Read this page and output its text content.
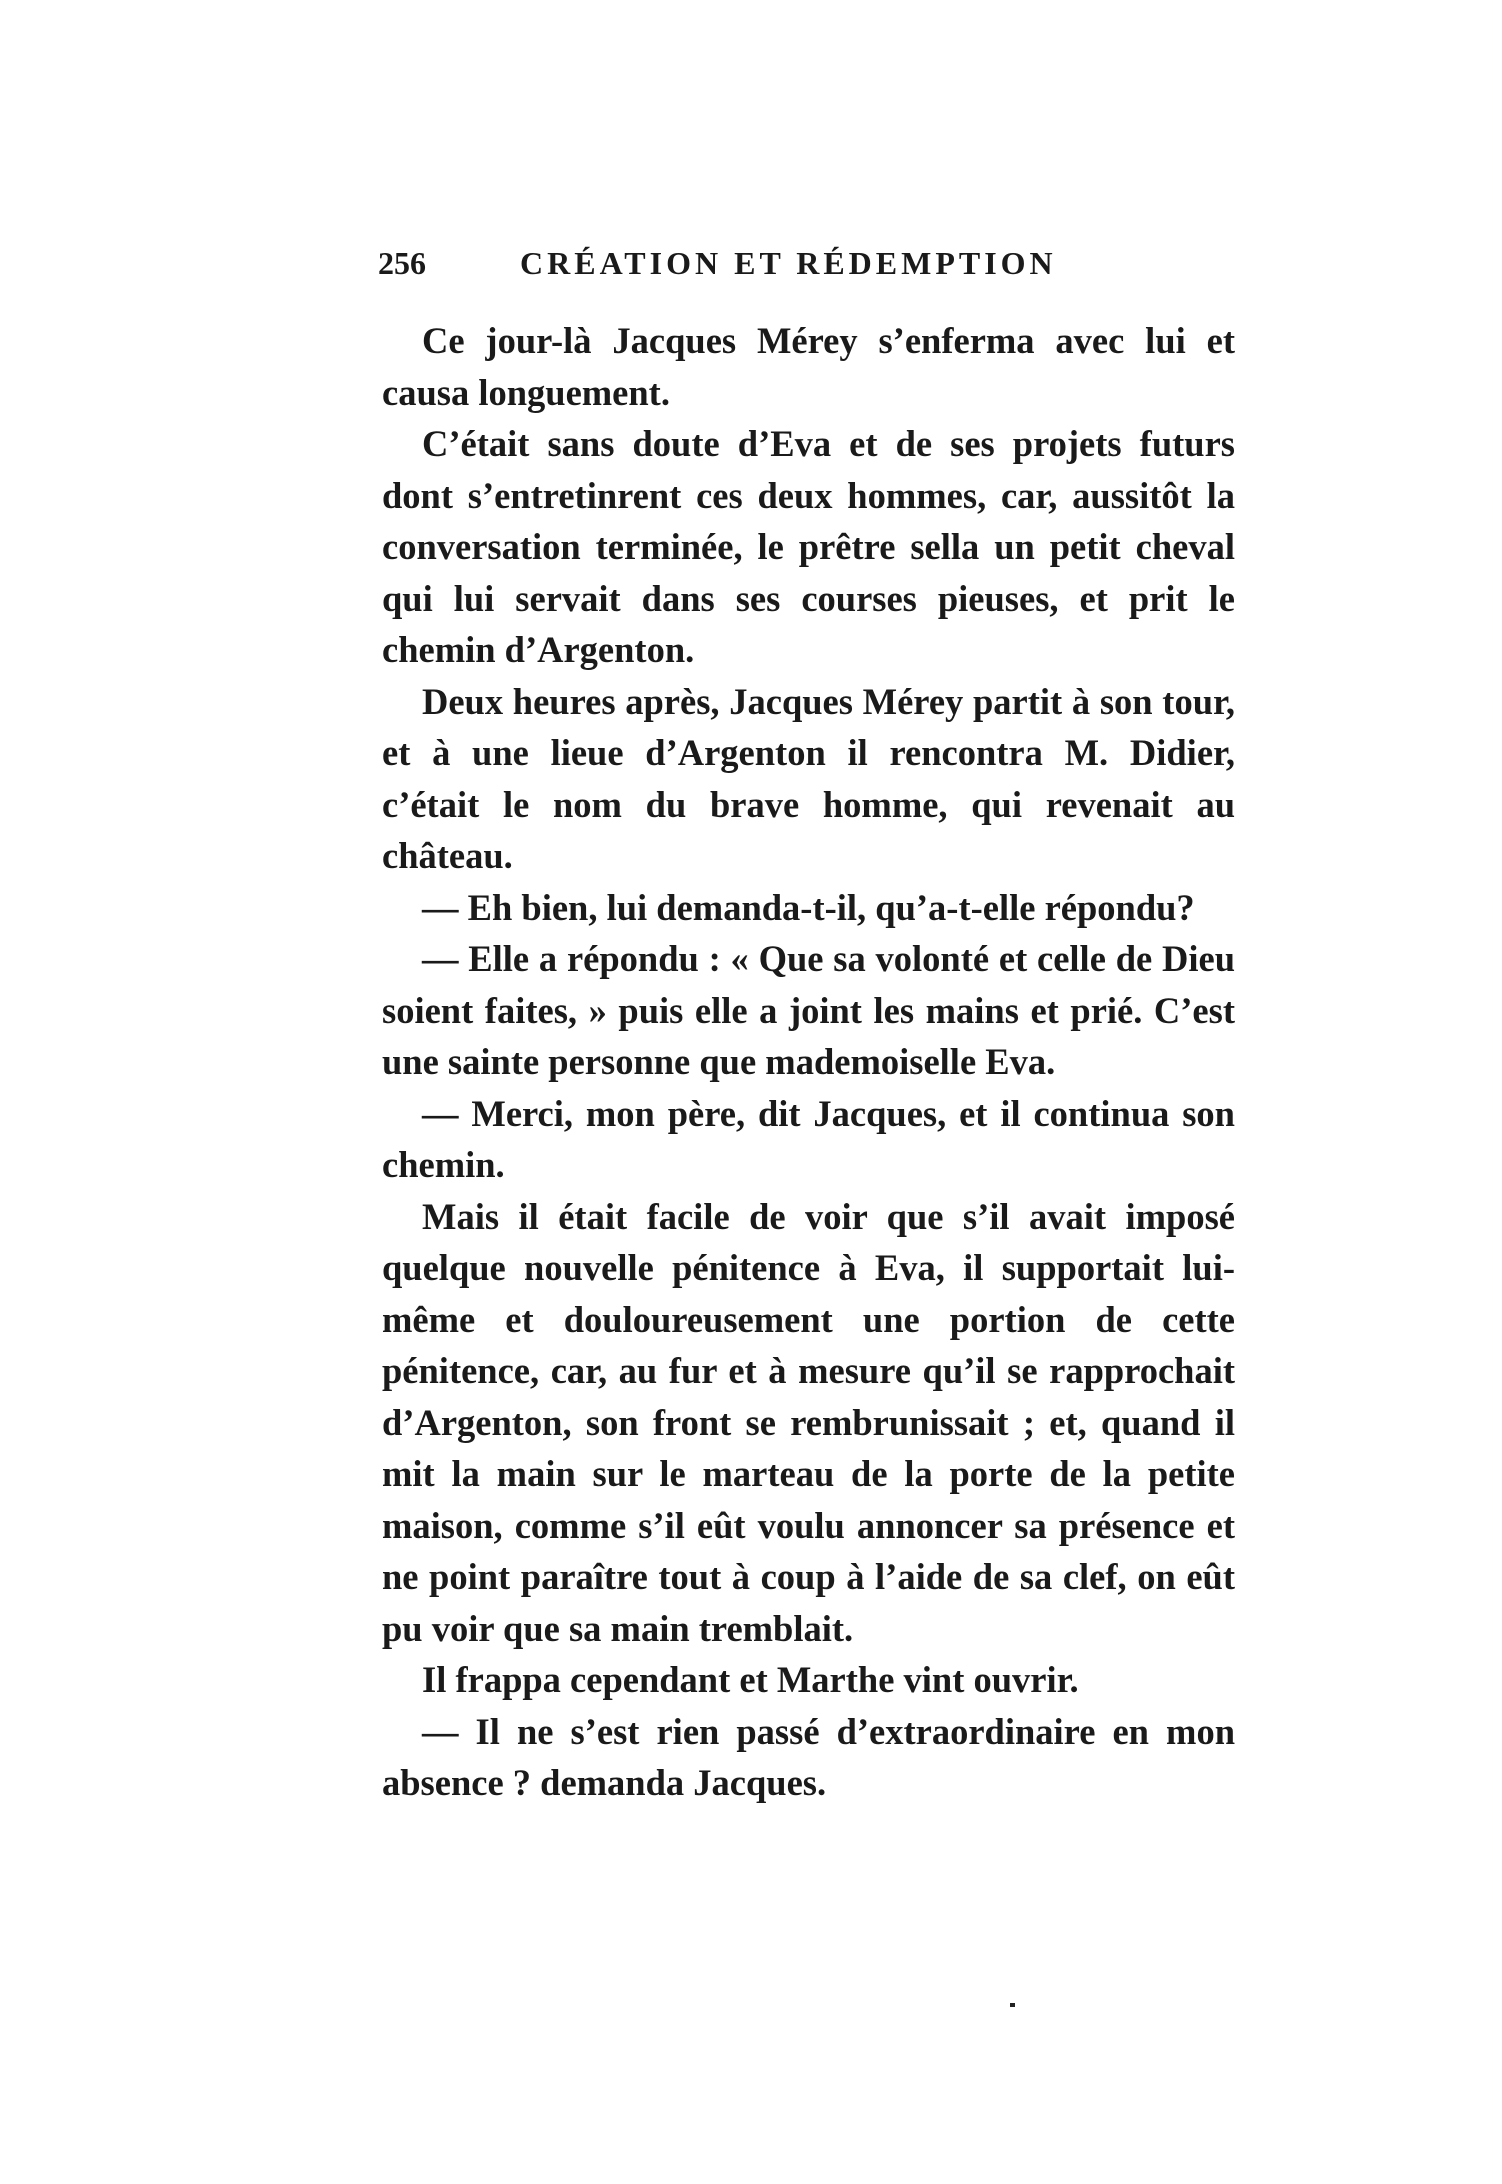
256	CRÉATION ET RÉDEMPTION

Ce jour-là Jacques Mérey s’enferma avec lui et causa longuement.

C’était sans doute d’Eva et de ses projets futurs dont s’entretinrent ces deux hommes, car, aussitôt la conversation terminée, le prêtre sella un petit cheval qui lui servait dans ses courses pieuses, et prit le chemin d’Argenton.

Deux heures après, Jacques Mérey partit à son tour, et à une lieue d’Argenton il rencontra M. Didier, c’était le nom du brave homme, qui revenait au château.

— Eh bien, lui demanda-t-il, qu’a-t-elle répondu?

— Elle a répondu : « Que sa volonté et celle de Dieu soient faites, » puis elle a joint les mains et prié. C’est une sainte personne que mademoiselle Eva.

— Merci, mon père, dit Jacques, et il continua son chemin.

Mais il était facile de voir que s’il avait imposé quelque nouvelle pénitence à Eva, il supportait lui-même et douloureusement une portion de cette pénitence, car, au fur et à mesure qu’il se rapprochait d’Argenton, son front se rembrunissait ; et, quand il mit la main sur le marteau de la porte de la petite maison, comme s’il eût voulu annoncer sa présence et ne point paraître tout à coup à l’aide de sa clef, on eût pu voir que sa main tremblait.

Il frappa cependant et Marthe vint ouvrir.

— Il ne s’est rien passé d’extraordinaire en mon absence ? demanda Jacques.
